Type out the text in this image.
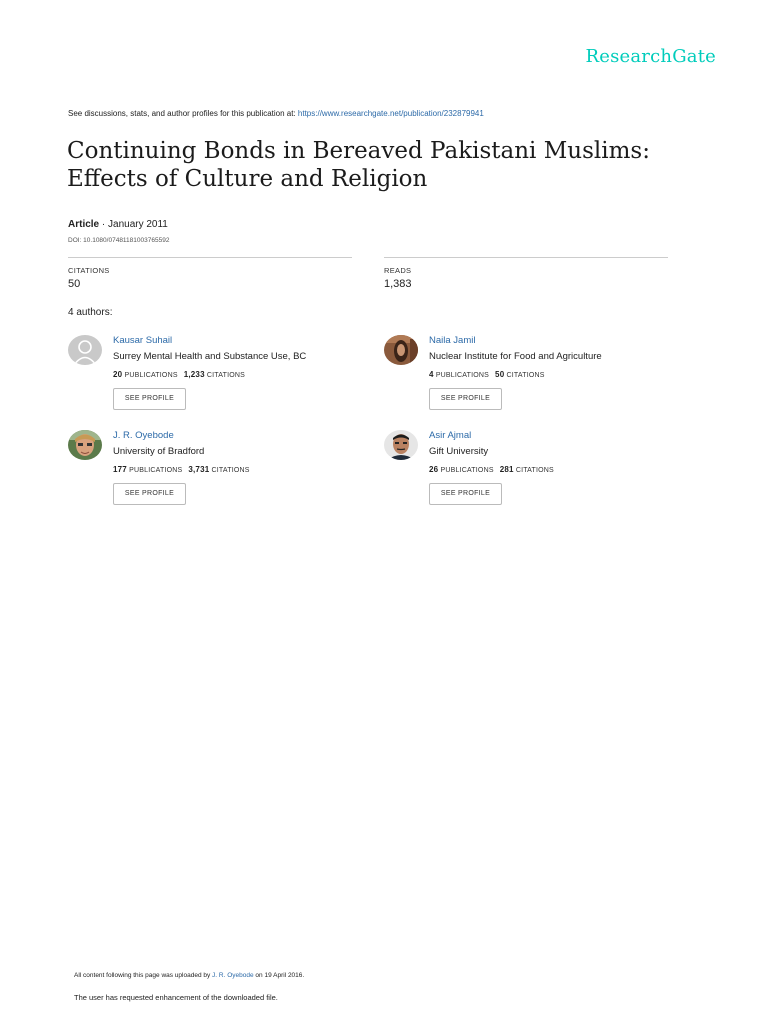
ResearchGate
See discussions, stats, and author profiles for this publication at: https://www.researchgate.net/publication/232879941
Continuing Bonds in Bereaved Pakistani Muslims:
Effects of Culture and Religion
Article · January 2011
DOI: 10.1080/07481181003765592
CITATIONS
50
READS
1,383
4 authors:
Kausar Suhail
Surrey Mental Health and Substance Use, BC
20 PUBLICATIONS 1,233 CITATIONS
SEE PROFILE
Naila Jamil
Nuclear Institute for Food and Agriculture
4 PUBLICATIONS 50 CITATIONS
SEE PROFILE
J. R. Oyebode
University of Bradford
177 PUBLICATIONS 3,731 CITATIONS
SEE PROFILE
Asir Ajmal
Gift University
26 PUBLICATIONS 281 CITATIONS
SEE PROFILE
All content following this page was uploaded by J. R. Oyebode on 19 April 2016.
The user has requested enhancement of the downloaded file.
